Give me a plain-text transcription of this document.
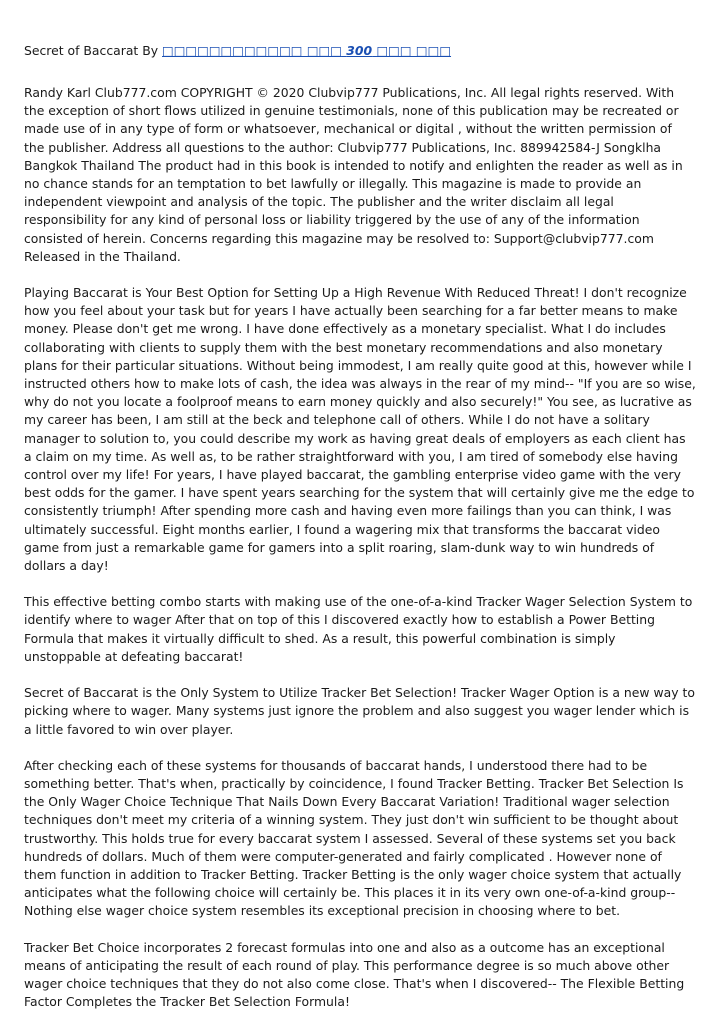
Secret of Baccarat By □□□□□□□□□□□□ □□□ 300 □□□ □□□

Randy Karl Club777.com COPYRIGHT © 2020 Clubvip777 Publications, Inc. All legal rights reserved. With the exception of short flows utilized in genuine testimonials, none of this publication may be recreated or made use of in any type of form or whatsoever, mechanical or digital , without the written permission of the publisher. Address all questions to the author: Clubvip777 Publications, Inc. 889942584-J Songklha Bangkok Thailand The product had in this book is intended to notify and enlighten the reader as well as in no chance stands for an temptation to bet lawfully or illegally. This magazine is made to provide an independent viewpoint and analysis of the topic. The publisher and the writer disclaim all legal responsibility for any kind of personal loss or liability triggered by the use of any of the information consisted of herein. Concerns regarding this magazine may be resolved to: Support@clubvip777.com Released in the Thailand.

Playing Baccarat is Your Best Option for Setting Up a High Revenue With Reduced Threat! I don't recognize how you feel about your task but for years I have actually been searching for a far better means to make money. Please don't get me wrong. I have done effectively as a monetary specialist. What I do includes collaborating with clients to supply them with the best monetary recommendations and also monetary plans for their particular situations. Without being immodest, I am really quite good at this, however while I instructed others how to make lots of cash, the idea was always in the rear of my mind-- "If you are so wise, why do not you locate a foolproof means to earn money quickly and also securely!" You see, as lucrative as my career has been, I am still at the beck and telephone call of others. While I do not have a solitary manager to solution to, you could describe my work as having great deals of employers as each client has a claim on my time. As well as, to be rather straightforward with you, I am tired of somebody else having control over my life! For years, I have played baccarat, the gambling enterprise video game with the very best odds for the gamer. I have spent years searching for the system that will certainly give me the edge to consistently triumph! After spending more cash and having even more failings than you can think, I was ultimately successful. Eight months earlier, I found a wagering mix that transforms the baccarat video game from just a remarkable game for gamers into a split roaring, slam-dunk way to win hundreds of dollars a day!

This effective betting combo starts with making use of the one-of-a-kind Tracker Wager Selection System to identify where to wager After that on top of this I discovered exactly how to establish a Power Betting Formula that makes it virtually difficult to shed. As a result, this powerful combination is simply unstoppable at defeating baccarat!

Secret of Baccarat is the Only System to Utilize Tracker Bet Selection! Tracker Wager Option is a new way to picking where to wager. Many systems just ignore the problem and also suggest you wager lender which is a little favored to win over player.

After checking each of these systems for thousands of baccarat hands, I understood there had to be something better. That's when, practically by coincidence, I found Tracker Betting. Tracker Bet Selection Is the Only Wager Choice Technique That Nails Down Every Baccarat Variation! Traditional wager selection techniques don't meet my criteria of a winning system. They just don't win sufficient to be thought about trustworthy. This holds true for every baccarat system I assessed. Several of these systems set you back hundreds of dollars. Much of them were computer-generated and fairly complicated . However none of them function in addition to Tracker Betting. Tracker Betting is the only wager choice system that actually anticipates what the following choice will certainly be. This places it in its very own one-of-a-kind group-- Nothing else wager choice system resembles its exceptional precision in choosing where to bet.

Tracker Bet Choice incorporates 2 forecast formulas into one and also as a outcome has an exceptional means of anticipating the result of each round of play. This performance degree is so much above other wager choice techniques that they do not also come close. That's when I discovered-- The Flexible Betting Factor Completes the Tracker Bet Selection Formula!
